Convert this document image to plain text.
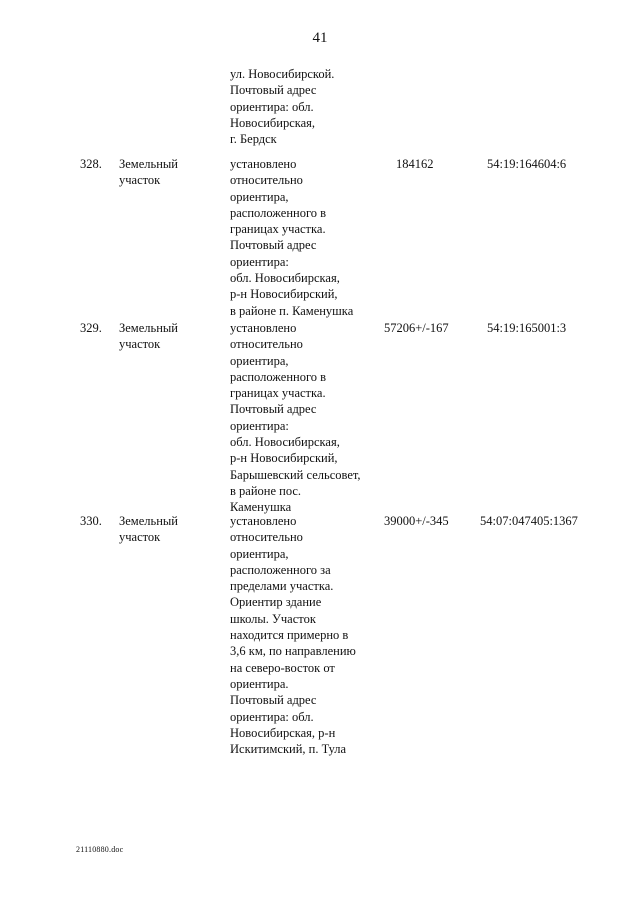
41
ул. Новосибирской.
Почтовый адрес
ориентира: обл.
Новосибирская,
г. Бердск
328. Земельный
участок
установлено
относительно
ориентира,
расположенного в
границах участка.
Почтовый адрес
ориентира:
обл. Новосибирская,
р-н Новосибирский,
в районе п. Каменушка
184162	54:19:164604:6
329. Земельный
участок
установлено
относительно
ориентира,
расположенного в
границах участка.
Почтовый адрес
ориентира:
обл. Новосибирская,
р-н Новосибирский,
Барышевский сельсовет,
в районе пос.
Каменушка
57206+/-167	54:19:165001:3
330. Земельный
участок
установлено
относительно
ориентира,
расположенного за
пределами участка.
Ориентир здание
школы. Участок
находится примерно в
3,6 км, по направлению
на северо-восток от
ориентира.
Почтовый адрес
ориентира: обл.
Новосибирская, р-н
Искитимский, п. Тула
39000+/-345	54:07:047405:1367
21110880.doc
